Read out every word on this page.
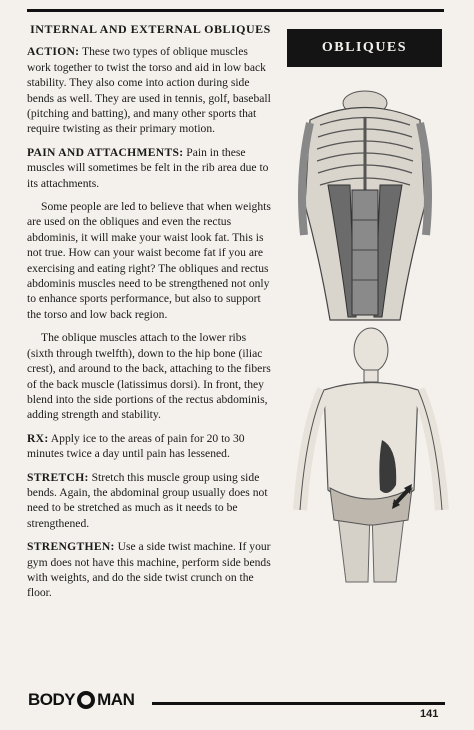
INTERNAL AND EXTERNAL OBLIQUES

ACTION: These two types of oblique muscles work together to twist the torso and aid in low back stability. They also come into action during side bends as well. They are used in tennis, golf, baseball (pitching and batting), and many other sports that require twisting as their primary motion.

PAIN AND ATTACHMENTS: Pain in these muscles will sometimes be felt in the rib area due to its attachments.

Some people are led to believe that when weights are used on the obliques and even the rectus abdominis, it will make your waist look fat. This is not true. How can your waist become fat if you are exercising and eating right? The obliques and rectus abdominis muscles need to be strengthened not only to enhance sports performance, but also to support the torso and low back region.

The oblique muscles attach to the lower ribs (sixth through twelfth), down to the hip bone (iliac crest), and around to the back, attaching to the fibers of the back muscle (latissimus dorsi). In front, they blend into the side portions of the rectus abdominis, adding strength and stability.

RX: Apply ice to the areas of pain for 20 to 30 minutes twice a day until pain has lessened.

STRETCH: Stretch this muscle group using side bends. Again, the abdominal group usually does not need to be stretched as much as it needs to be strengthened.

STRENGTHEN: Use a side twist machine. If your gym does not have this machine, perform side bends with weights, and do the side twist crunch on the floor.

OBLIQUES
BODY MAN
141
